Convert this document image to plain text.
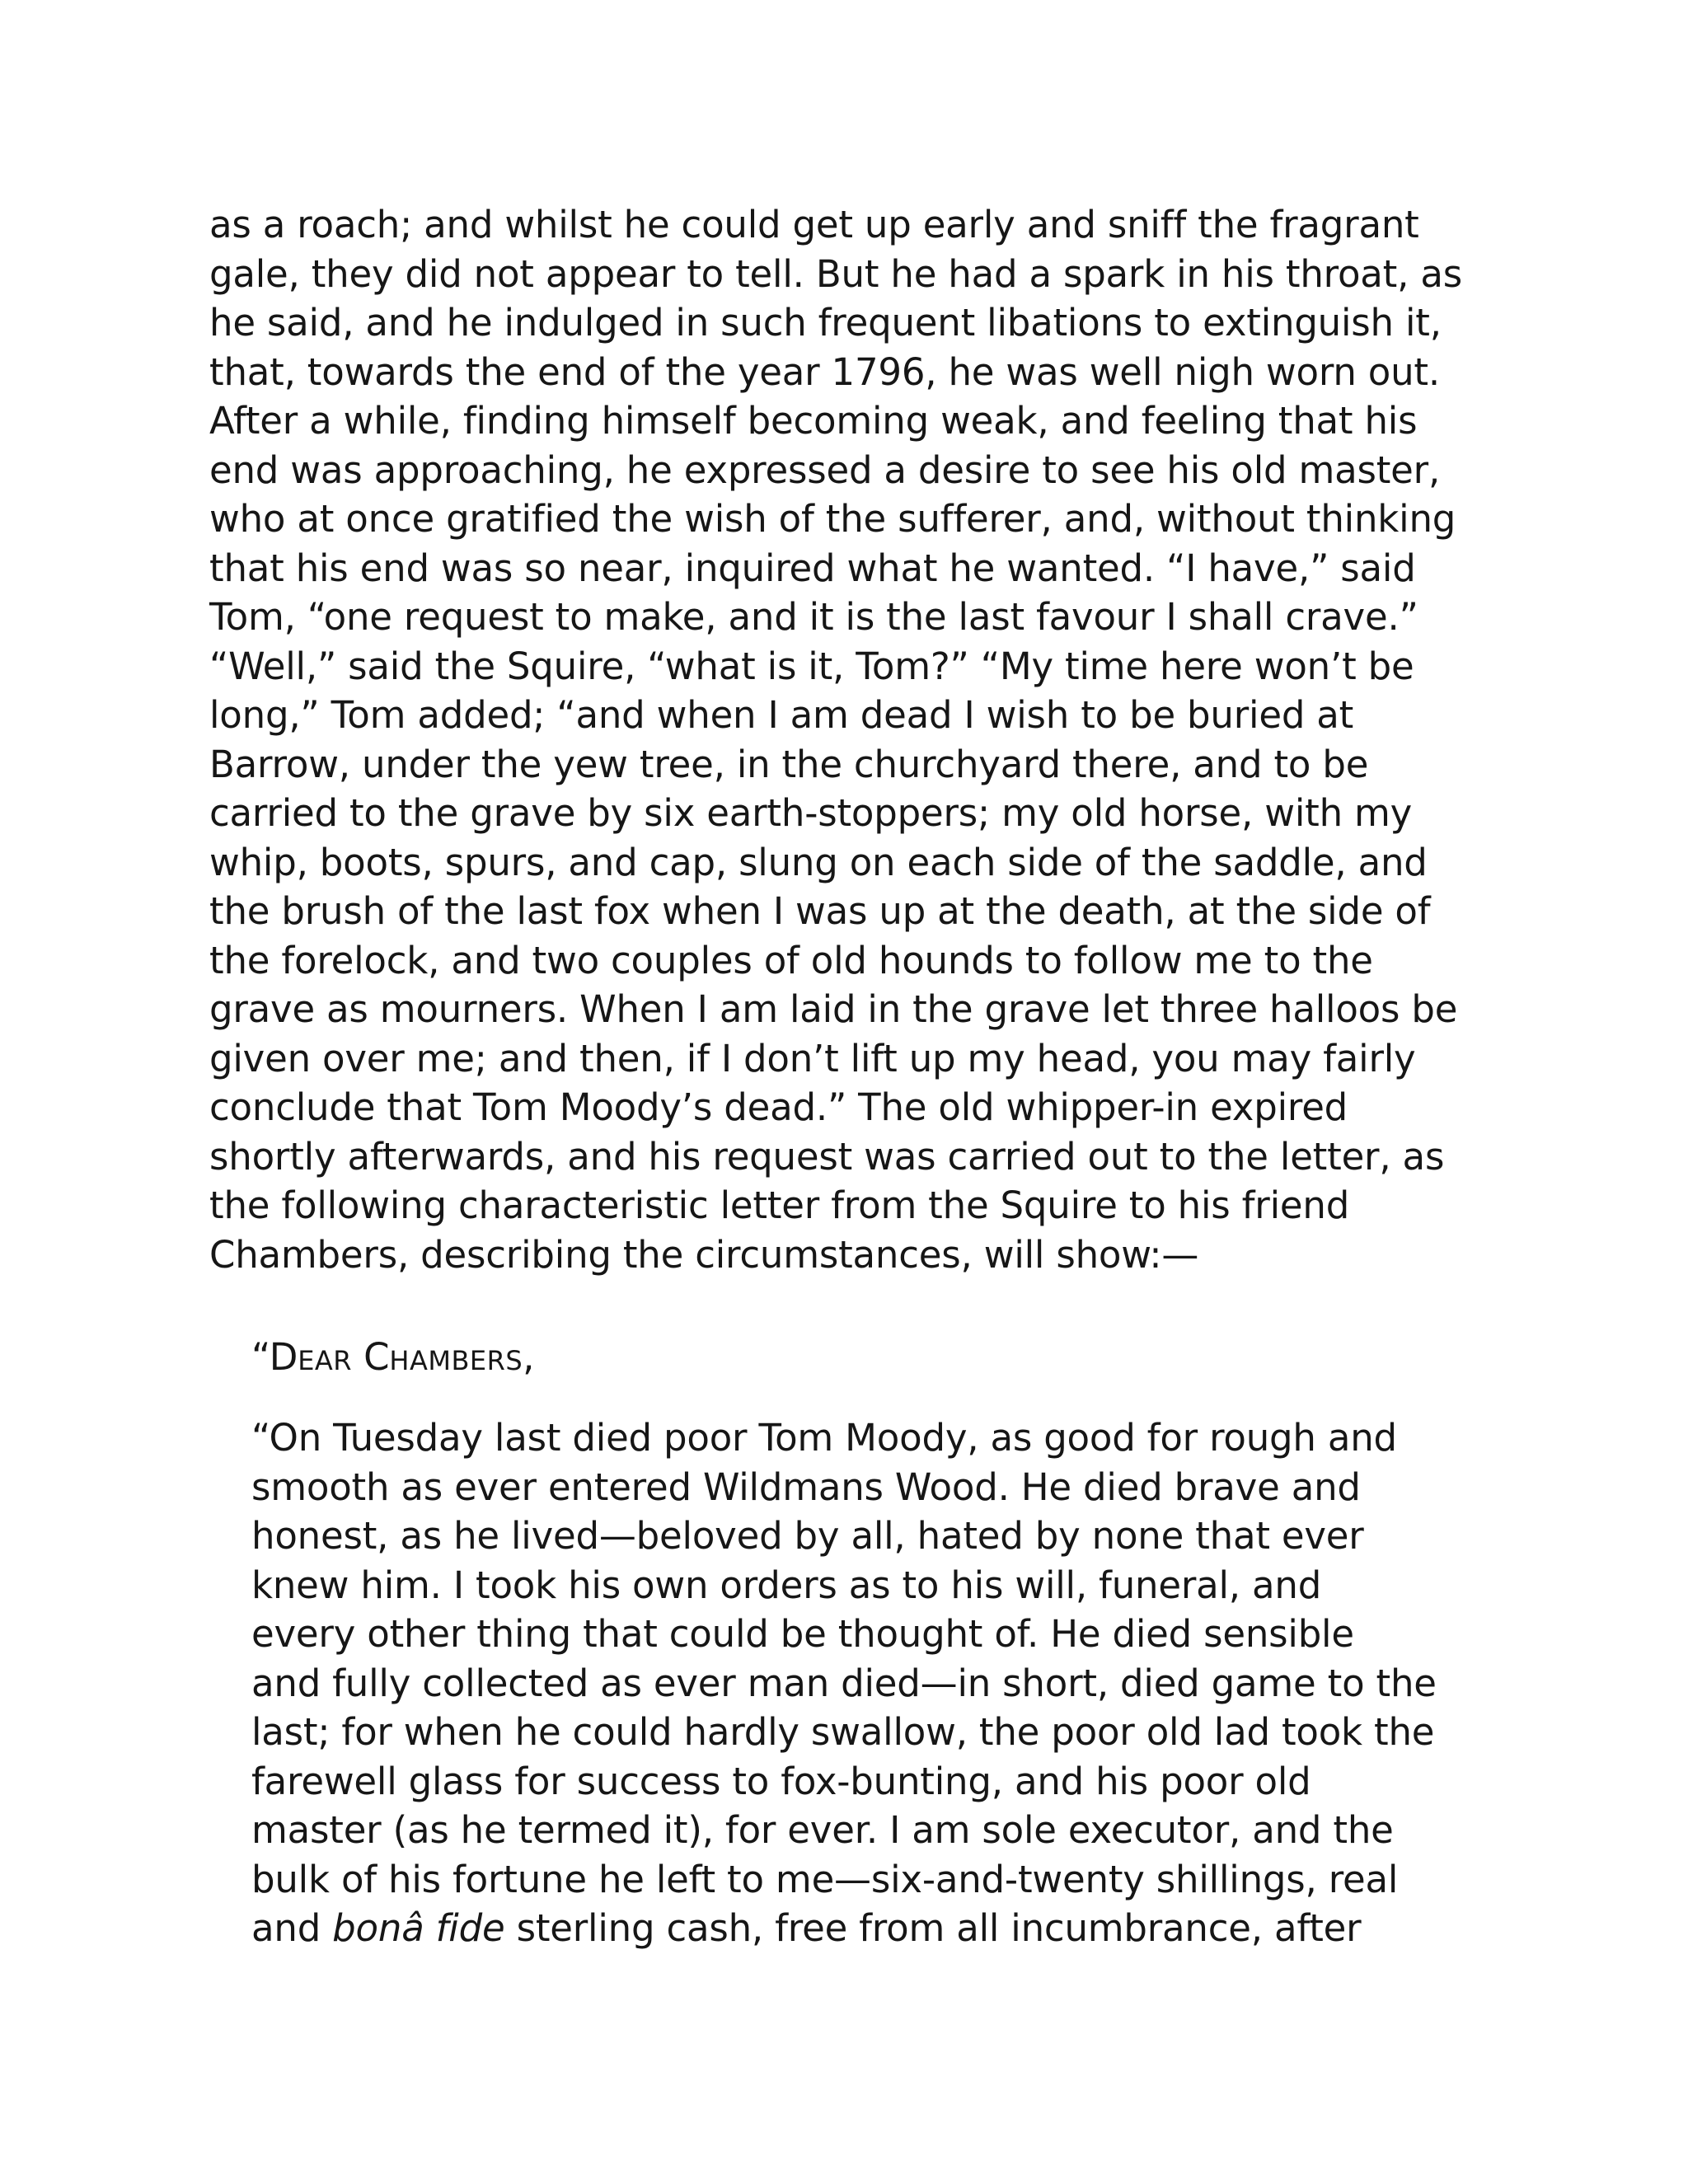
as a roach; and whilst he could get up early and sniff the fragrant
gale, they did not appear to tell. But he had a spark in his throat, as
he said, and he indulged in such frequent libations to extinguish it,
that, towards the end of the year 1796, he was well nigh worn out.
After a while, finding himself becoming weak, and feeling that his
end was approaching, he expressed a desire to see his old master,
who at once gratified the wish of the sufferer, and, without thinking
that his end was so near, inquired what he wanted. “I have,” said
Tom, “one request to make, and it is the last favour I shall crave.”
“Well,” said the Squire, “what is it, Tom?” “My time here won’t be
long,” Tom added; “and when I am dead I wish to be buried at
Barrow, under the yew tree, in the churchyard there, and to be
carried to the grave by six earth-stoppers; my old horse, with my
whip, boots, spurs, and cap, slung on each side of the saddle, and
the brush of the last fox when I was up at the death, at the side of
the forelock, and two couples of old hounds to follow me to the
grave as mourners. When I am laid in the grave let three halloos be
given over me; and then, if I don’t lift up my head, you may fairly
conclude that Tom Moody’s dead.” The old whipper-in expired
shortly afterwards, and his request was carried out to the letter, as
the following characteristic letter from the Squire to his friend
Chambers, describing the circumstances, will show:—
“DEAR CHAMBERS,
“On Tuesday last died poor Tom Moody, as good for rough and
smooth as ever entered Wildmans Wood. He died brave and
honest, as he lived—beloved by all, hated by none that ever
knew him. I took his own orders as to his will, funeral, and
every other thing that could be thought of. He died sensible
and fully collected as ever man died—in short, died game to the
last; for when he could hardly swallow, the poor old lad took the
farewell glass for success to fox-bunting, and his poor old
master (as he termed it), for ever. I am sole executor, and the
bulk of his fortune he left to me—six-and-twenty shillings, real
and bonâ fide sterling cash, free from all incumbrance, after
